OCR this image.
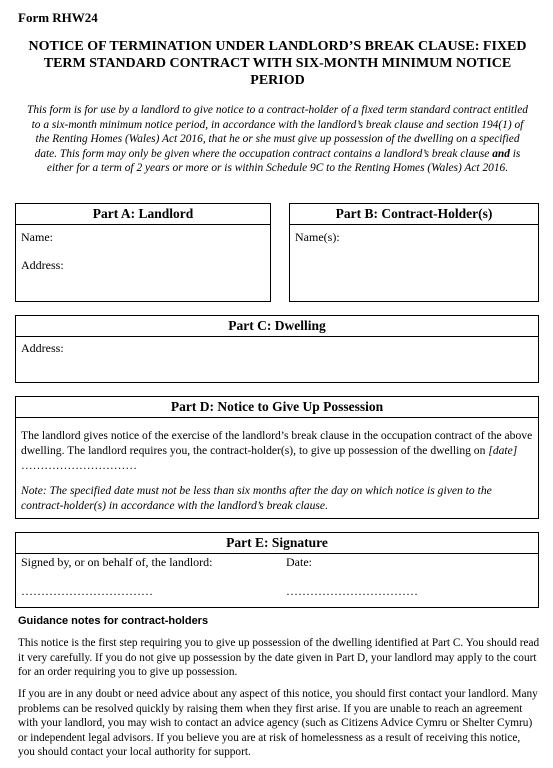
Form RHW24
NOTICE OF TERMINATION UNDER LANDLORD’S BREAK CLAUSE: FIXED TERM STANDARD CONTRACT WITH SIX-MONTH MINIMUM NOTICE PERIOD
This form is for use by a landlord to give notice to a contract-holder of a fixed term standard contract entitled to a six-month minimum notice period, in accordance with the landlord’s break clause and section 194(1) of the Renting Homes (Wales) Act 2016, that he or she must give up possession of the dwelling on a specified date. This form may only be given where the occupation contract contains a landlord’s break clause and is either for a term of 2 years or more or is within Schedule 9C to the Renting Homes (Wales) Act 2016.
Part A: Landlord
Name:
Address:
Part B: Contract-Holder(s)
Name(s):
Part C: Dwelling
Address:
Part D: Notice to Give Up Possession
The landlord gives notice of the exercise of the landlord’s break clause in the occupation contract of the above dwelling. The landlord requires you, the contract-holder(s), to give up possession of the dwelling on [date] …………………………
Note: The specified date must not be less than six months after the day on which notice is given to the contract-holder(s) in accordance with the landlord’s break clause.
Part E: Signature
Signed by, or on behalf of, the landlord:	Date:
……………………………	……………………………
Guidance notes for contract-holders
This notice is the first step requiring you to give up possession of the dwelling identified at Part C. You should read it very carefully. If you do not give up possession by the date given in Part D, your landlord may apply to the court for an order requiring you to give up possession.
If you are in any doubt or need advice about any aspect of this notice, you should first contact your landlord. Many problems can be resolved quickly by raising them when they first arise. If you are unable to reach an agreement with your landlord, you may wish to contact an advice agency (such as Citizens Advice Cymru or Shelter Cymru) or independent legal advisors. If you believe you are at risk of homelessness as a result of receiving this notice, you should contact your local authority for support.
